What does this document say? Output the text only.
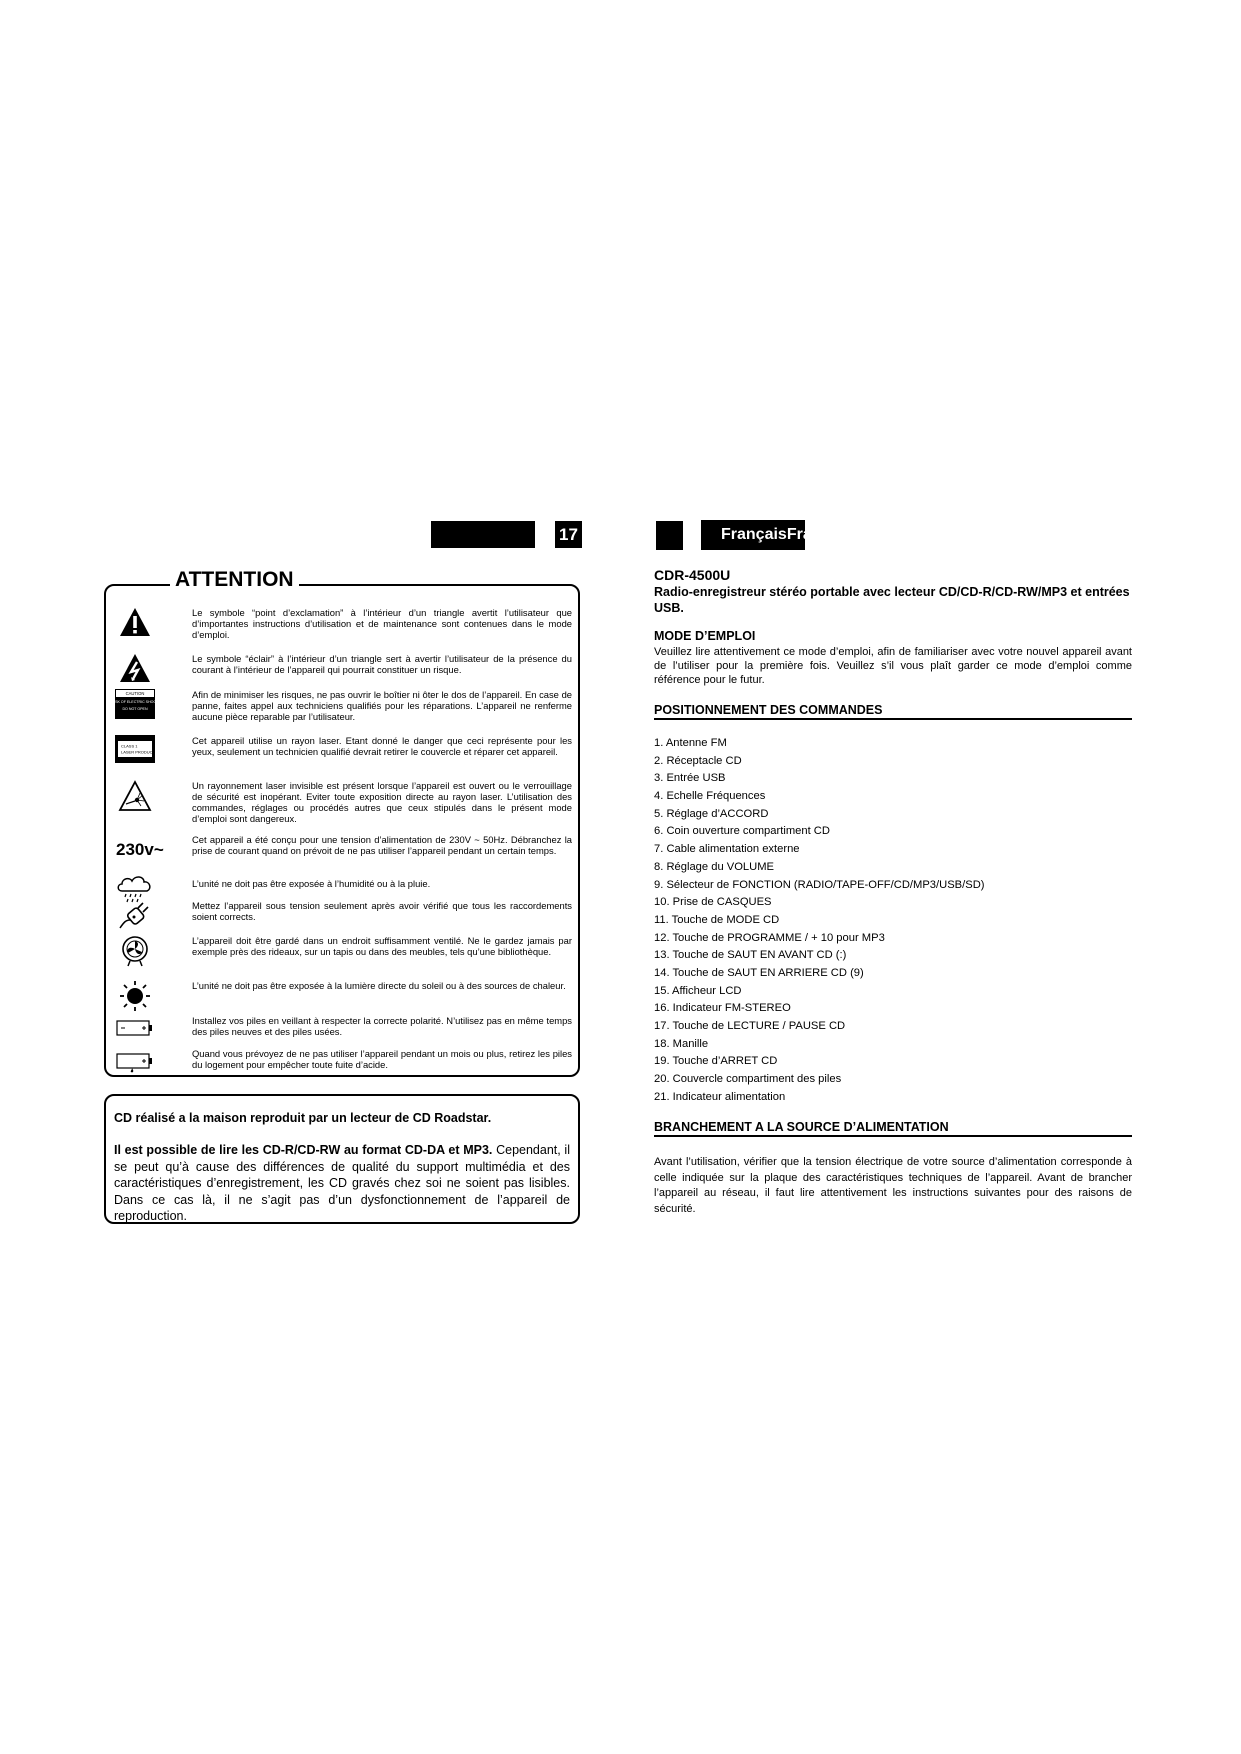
17	FrançaisFra
ATTENTION
Le symbole “point d’exclamation” à l’intérieur d’un triangle avertit l’utilisateur que d’importantes instructions d’utilisation et de maintenance sont contenues dans le mode d’emploi.
Le symbole “éclair” à l’intérieur d’un triangle sert à avertir l’utilisateur de la présence du courant à l’intérieur de l’appareil qui pourrait constituer un risque.
CAUTION
RISK OF ELECTRIC SHOCK
DO NOT OPEN
Afin de minimiser les risques, ne pas ouvrir le boîtier ni ôter le dos de l’appareil. En case de panne, faites appel aux techniciens qualifiés pour les réparations. L’appareil ne renferme aucune pièce reparable par l’utilisateur.
CLASS 1
LASER PRODUCT
Cet appareil utilise un rayon laser. Etant donné le danger que ceci représente pour les yeux, seulement un technicien qualifié devrait retirer le couvercle et réparer cet appareil.
Un rayonnement laser invisible est présent lorsque l’appareil est ouvert ou le verrouillage de sécurité est inopérant. Eviter toute exposition directe au rayon laser. L’utilisation des commandes, réglages ou procédés autres que ceux stipulés dans le présent mode d’emploi sont dangereux.
230v~
Cet appareil a été conçu pour une tension d’alimentation de 230V ~ 50Hz. Débranchez la prise de courant quand on prévoit de ne pas utiliser l’appareil pendant un certain temps.
L’unité ne doit pas être exposée à l’humidité ou à la pluie.
Mettez l’appareil sous tension seulement après avoir vérifié que tous les raccordements soient corrects.
L’appareil doit être gardé dans un endroit suffisamment ventilé. Ne le gardez jamais par exemple près des rideaux, sur un tapis ou dans des meubles, tels qu’une bibliothèque.
L’unité ne doit pas être exposée à la lumière directe du soleil ou à des sources de chaleur.
Installez vos piles en veillant à respecter la correcte polarité. N’utilisez pas en même temps des piles neuves et des piles usées.
Quand vous prévoyez de ne pas utiliser l’appareil pendant un mois ou plus, retirez les piles du logement pour empêcher toute fuite d’acide.
CD réalisé a la maison reproduit par un lecteur de CD Roadstar.
Il est possible de lire les CD-R/CD-RW au format CD-DA et MP3. Cependant, il se peut qu’à cause des différences de qualité du support multimédia et des caractéristiques d’enregistrement, les CD gravés chez soi ne soient pas lisibles. Dans ce cas là, il ne s’agit pas d’un dysfonctionnement de l’appareil de reproduction.
CDR-4500U
Radio-enregistreur stéréo portable avec lecteur CD/CD-R/CD-RW/MP3 et entrées USB.
MODE D’EMPLOI
Veuillez lire attentivement ce mode d’emploi, afin de familiariser avec votre nouvel appareil avant de l’utiliser pour la première fois. Veuillez s’il vous plaît garder ce mode d’emploi comme référence pour le futur.
POSITIONNEMENT DES COMMANDES
1. Antenne FM
2. Réceptacle CD
3. Entrée USB
4. Echelle Fréquences
5. Réglage d’ACCORD
6. Coin ouverture compartiment CD
7. Cable alimentation externe
8. Réglage du VOLUME
9. Sélecteur de FONCTION (RADIO/TAPE-OFF/CD/MP3/USB/SD)
10. Prise de CASQUES
11. Touche de MODE CD
12. Touche de PROGRAMME / + 10 pour MP3
13. Touche de SAUT EN AVANT CD (:)
14. Touche de SAUT EN ARRIERE CD (9)
15. Afficheur LCD
16. Indicateur FM-STEREO
17. Touche de LECTURE / PAUSE CD
18. Manille
19. Touche d’ARRET CD
20. Couvercle compartiment des piles
21. Indicateur alimentation
BRANCHEMENT A LA SOURCE D’ALIMENTATION
Avant l’utilisation, vérifier que la tension électrique de votre source d’alimentation corresponde à celle indiquée sur la plaque des caractéristiques techniques de l’appareil. Avant de brancher l’appareil au réseau, il faut lire attentivement les instructions suivantes pour des raisons de sécurité.
